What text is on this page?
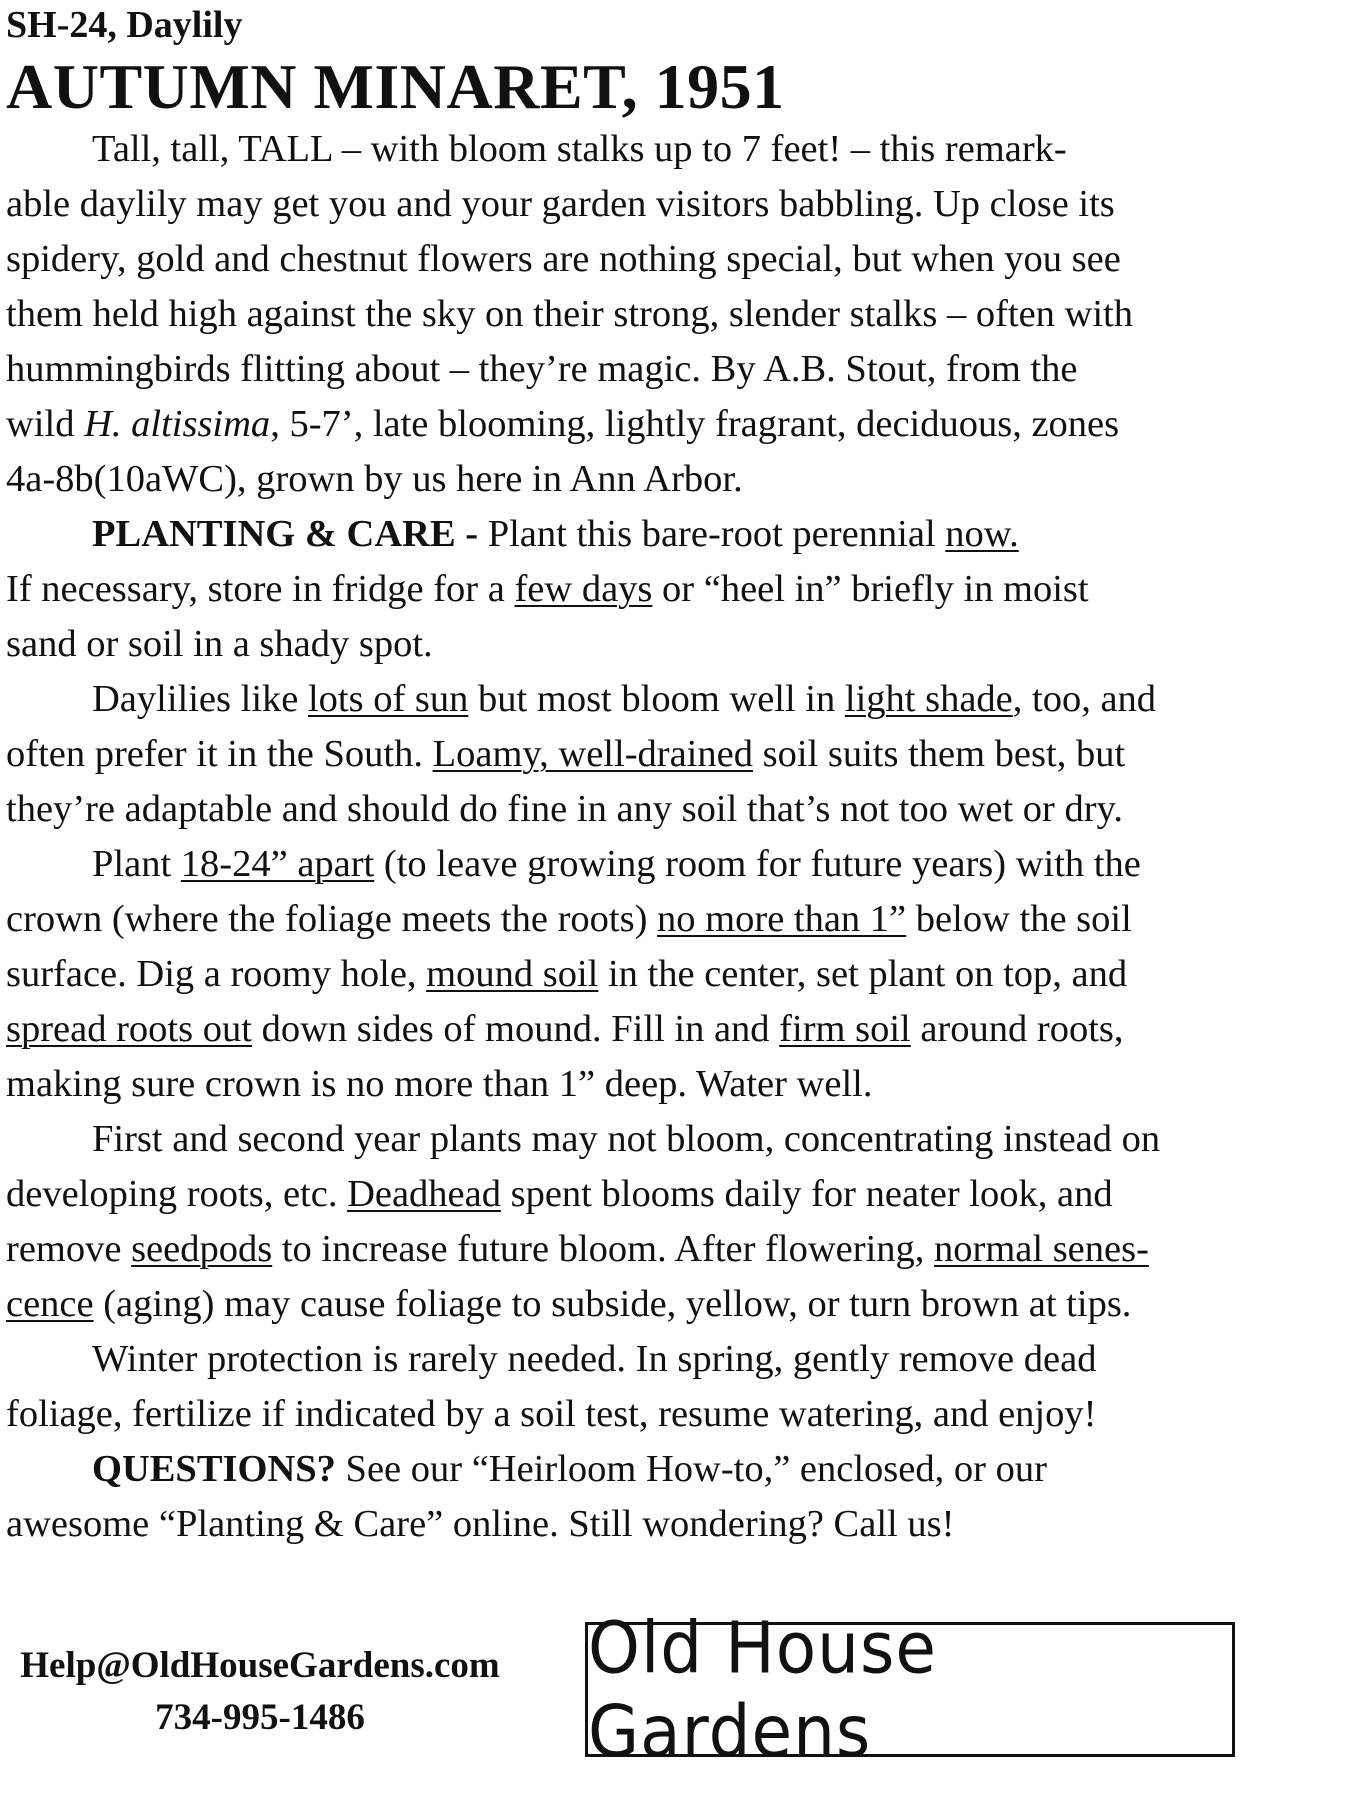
SH-24, Daylily
AUTUMN MINARET, 1951
Tall, tall, TALL – with bloom stalks up to 7 feet! – this remark-
able daylily may get you and your garden visitors babbling. Up close its
spidery, gold and chestnut flowers are nothing special, but when you see
them held high against the sky on their strong, slender stalks – often with
hummingbirds flitting about – they’re magic. By A.B. Stout, from the
wild H. altissima, 5-7’, late blooming, lightly fragrant, deciduous, zones
4a-8b(10aWC), grown by us here in Ann Arbor.
PLANTING & CARE - Plant this bare-root perennial now.
If necessary, store in fridge for a few days or “heel in” briefly in moist
sand or soil in a shady spot.
Daylilies like lots of sun but most bloom well in light shade, too, and
often prefer it in the South. Loamy, well-drained soil suits them best, but
they’re adaptable and should do fine in any soil that’s not too wet or dry.
Plant 18-24” apart (to leave growing room for future years) with the
crown (where the foliage meets the roots) no more than 1” below the soil
surface. Dig a roomy hole, mound soil in the center, set plant on top, and
spread roots out down sides of mound. Fill in and firm soil around roots,
making sure crown is no more than 1” deep. Water well.
First and second year plants may not bloom, concentrating instead on
developing roots, etc. Deadhead spent blooms daily for neater look, and
remove seedpods to increase future bloom. After flowering, normal senes-
cence (aging) may cause foliage to subside, yellow, or turn brown at tips.
Winter protection is rarely needed. In spring, gently remove dead
foliage, fertilize if indicated by a soil test, resume watering, and enjoy!
QUESTIONS? See our “Heirloom How-to,” enclosed, or our
awesome “Planting & Care” online. Still wondering? Call us!
Help@OldHouseGardens.com
734-995-1486
Old House Gardens
